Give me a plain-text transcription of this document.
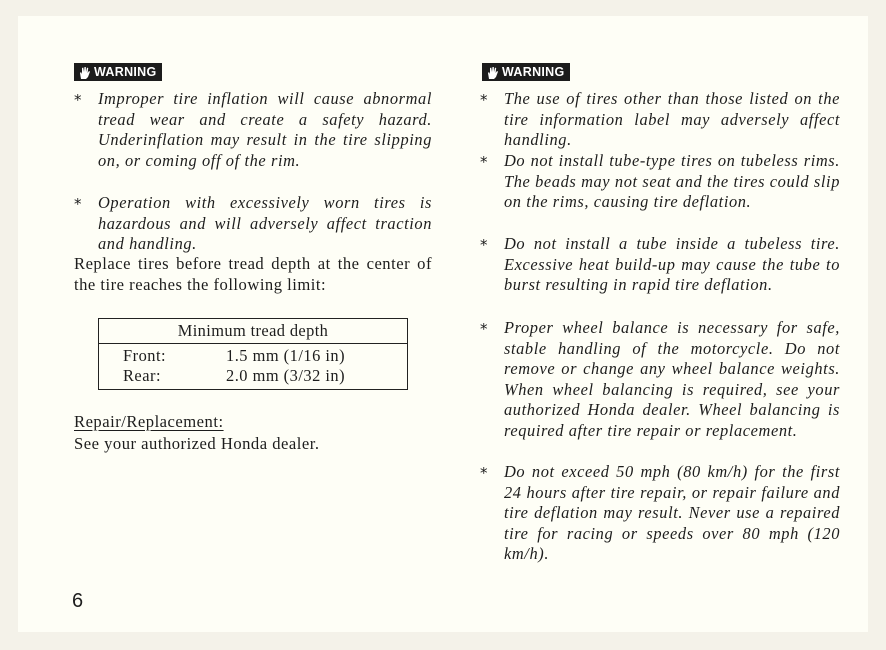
WARNING
* Improper tire inflation will cause abnormal tread wear and create a safety hazard. Underinflation may result in the tire slipping on, or coming off of the rim.
* Operation with excessively worn tires is hazardous and will adversely affect traction and handling.
Replace tires before tread depth at the center of the tire reaches the following limit:
Minimum tread depth
Front:	1.5 mm (1/16 in)
Rear:	2.0 mm (3/32 in)
Repair/Replacement:
See your authorized Honda dealer.
WARNING
* The use of tires other than those listed on the tire information label may adversely affect handling.
* Do not install tube-type tires on tubeless rims. The beads may not seat and the tires could slip on the rims, causing tire deflation.
* Do not install a tube inside a tubeless tire. Excessive heat build-up may cause the tube to burst resulting in rapid tire deflation.
* Proper wheel balance is necessary for safe, stable handling of the motorcycle. Do not remove or change any wheel balance weights. When wheel balancing is required, see your authorized Honda dealer. Wheel balancing is required after tire repair or replacement.
* Do not exceed 50 mph (80 km/h) for the first 24 hours after tire repair, or repair failure and tire deflation may result. Never use a repaired tire for racing or speeds over 80 mph (120 km/h).
6
